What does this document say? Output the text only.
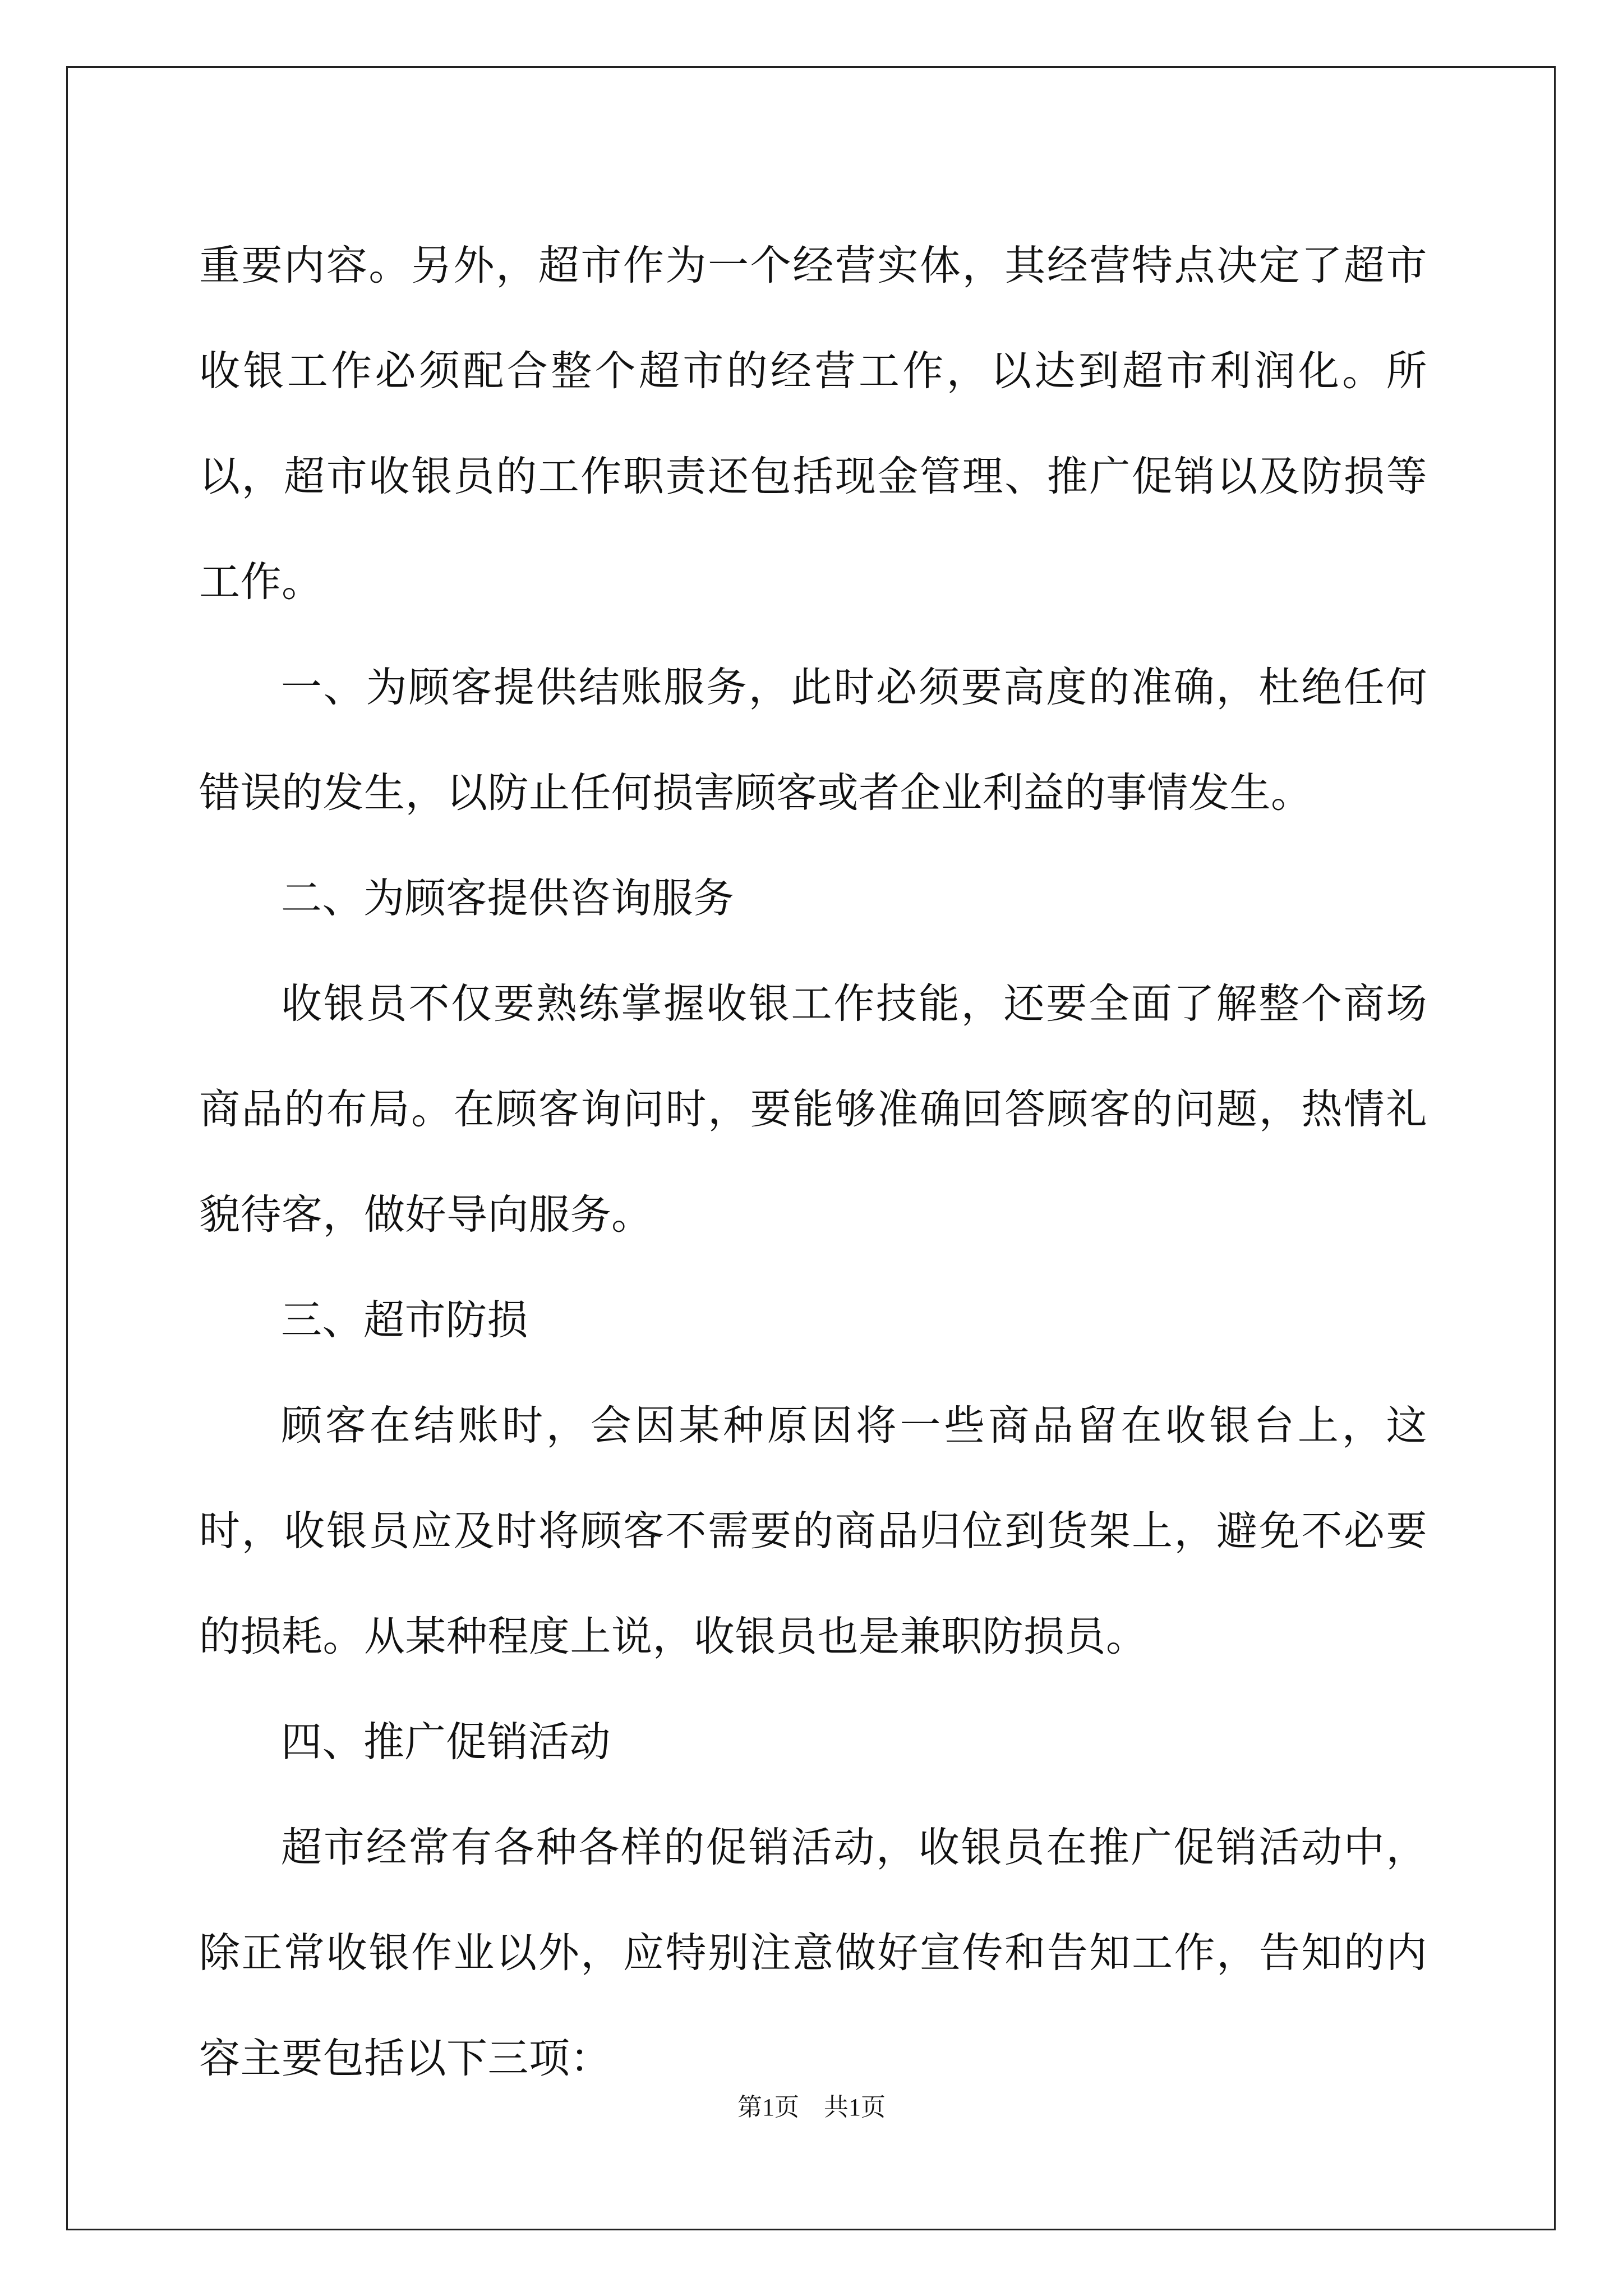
重要内容。另外，超市作为一个经营实体，其经营特点决定了超市收银工作必须配合整个超市的经营工作，以达到超市利润化。所以，超市收银员的工作职责还包括现金管理、推广促销以及防损等工作。

一、为顾客提供结账服务，此时必须要高度的准确，杜绝任何错误的发生，以防止任何损害顾客或者企业利益的事情发生。

二、为顾客提供咨询服务

收银员不仅要熟练掌握收银工作技能，还要全面了解整个商场商品的布局。在顾客询问时，要能够准确回答顾客的问题，热情礼貌待客，做好导向服务。

三、超市防损

顾客在结账时，会因某种原因将一些商品留在收银台上，这时，收银员应及时将顾客不需要的商品归位到货架上，避免不必要的损耗。从某种程度上说，收银员也是兼职防损员。

四、推广促销活动

超市经常有各种各样的促销活动，收银员在推广促销活动中，除正常收银作业以外，应特别注意做好宣传和告知工作，告知的内容主要包括以下三项：

第1页　共1页
